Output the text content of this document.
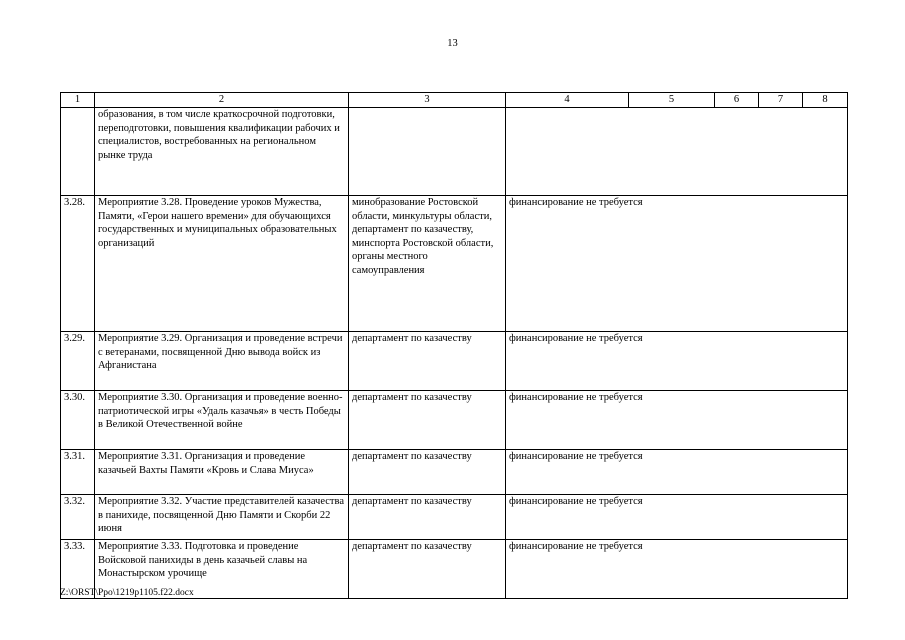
13
1	2	3	4	5	6	7	8
	образования, в том числе краткосрочной подготовки, переподготовки, повышения квалификации рабочих и специалистов, востребованных на региональном рынке труда						
3.28.	Мероприятие 3.28. Проведение уроков Мужества, Памяти, «Герои нашего времени» для обучающихся государственных и муниципальных образовательных организаций	минобразование Ростовской области, минкультуры области, департамент по казачеству, минспорта Ростовской области, органы местного самоуправления	финансирование не требуется				
3.29.	Мероприятие 3.29. Организация и проведение встречи с ветеранами, посвященной Дню вывода войск из Афганистана	департамент по казачеству	финансирование не требуется				
3.30.	Мероприятие 3.30. Организация и проведение военно-патриотической игры «Удаль казачья» в честь Победы в Великой Отечественной войне	департамент по казачеству	финансирование не требуется				
3.31.	Мероприятие 3.31. Организация и проведение казачьей Вахты Памяти «Кровь и Слава Миуса»	департамент по казачеству	финансирование не требуется				
3.32.	Мероприятие 3.32. Участие представителей казачества в панихиде, посвященной Дню Памяти и Скорби 22 июня	департамент по казачеству	финансирование не требуется				
3.33.	Мероприятие 3.33. Подготовка и проведение Войсковой панихиды в день казачьей славы на Монастырском урочище	департамент по казачеству	финансирование не требуется				
Z:\ORST\Ppo\1219p1105.f22.docx
